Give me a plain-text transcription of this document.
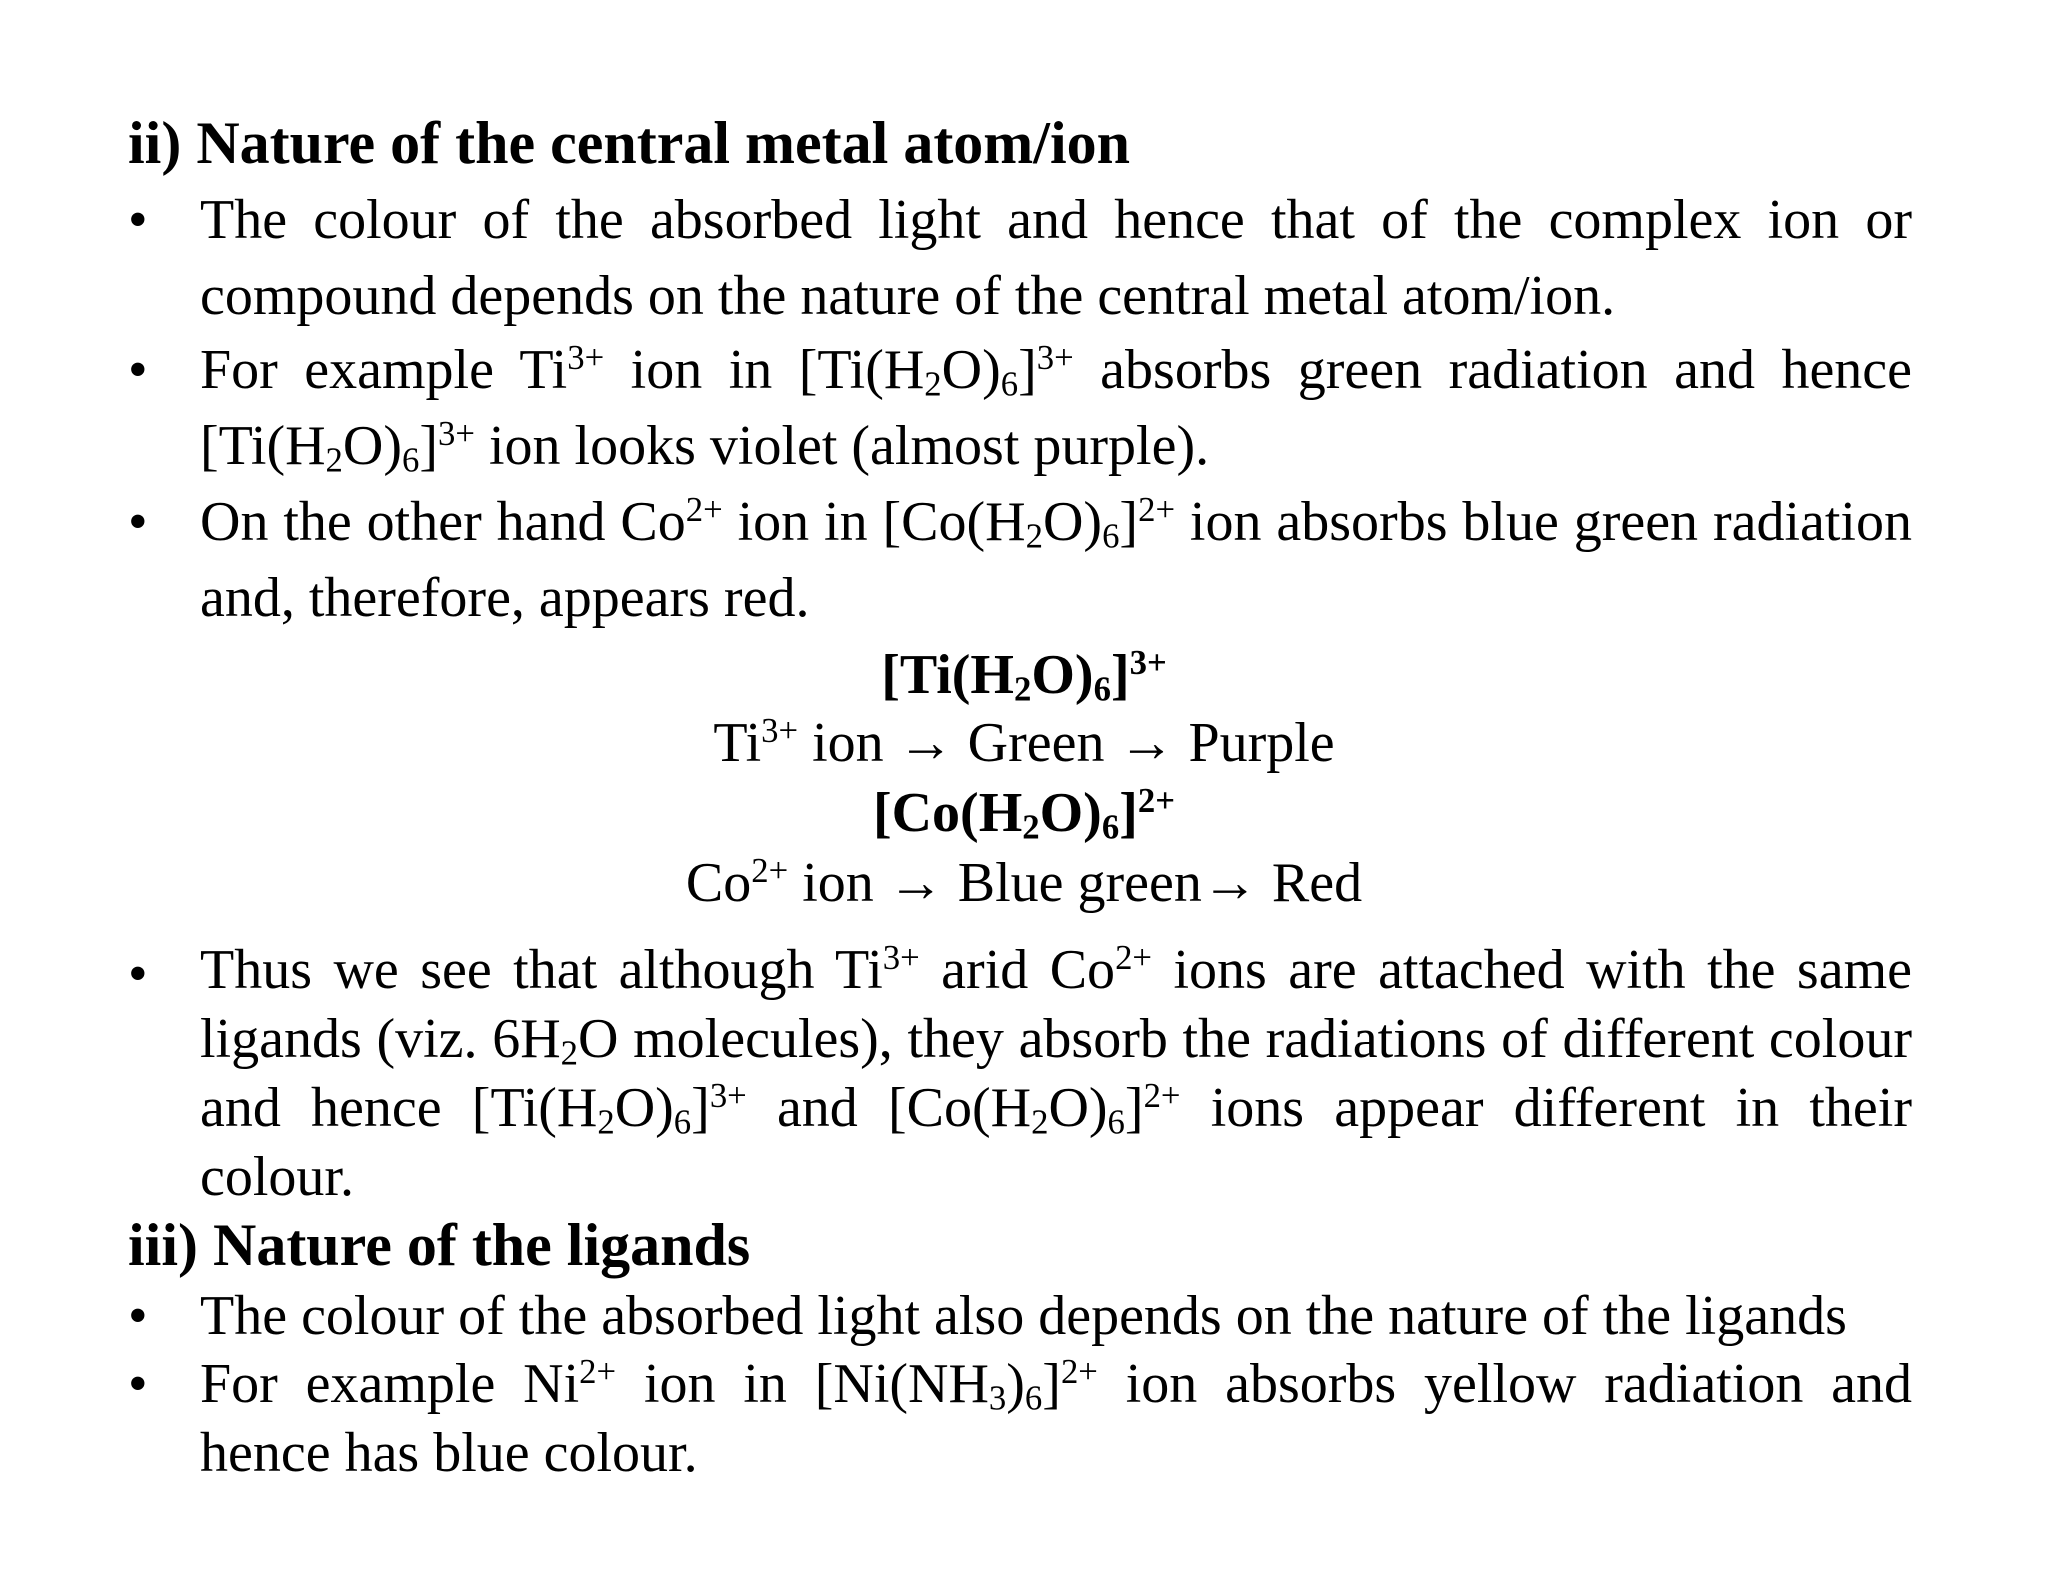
ii) Nature of the central metal atom/ion
• The colour of the absorbed light and hence that of the complex ion or compound depends on the nature of the central metal atom/ion.
• For example $Ti^{3+}$ ion in $[Ti(H_2O)_6]^{3+}$ absorbs green radiation and hence $[Ti(H_2O)_6]^{3+}$ ion looks violet (almost purple).
• On the other hand $Co^{2+}$ ion in $[Co(H_2O)_6]^{2+}$ ion absorbs blue green radiation and, therefore, appears red.
$[Ti(H_2O)_6]^{3+}$
$Ti^{3+}$ ion → Green → Purple
$[Co(H_2O)_6]^{2+}$
$Co^{2+}$ ion → Blue green→ Red
• Thus we see that although $Ti^{3+}$ arid $Co^{2+}$ ions are attached with the same ligands (viz. $6H_2O$ molecules), they absorb the radiations of different colour and hence $[Ti(H_2O)_6]^{3+}$ and $[Co(H_2O)_6]^{2+}$ ions appear different in their colour.
iii) Nature of the ligands
• The colour of the absorbed light also depends on the nature of the ligands
• For example $Ni^{2+}$ ion in $[Ni(NH_3)_6]^{2+}$ ion absorbs yellow radiation and hence has blue colour.
